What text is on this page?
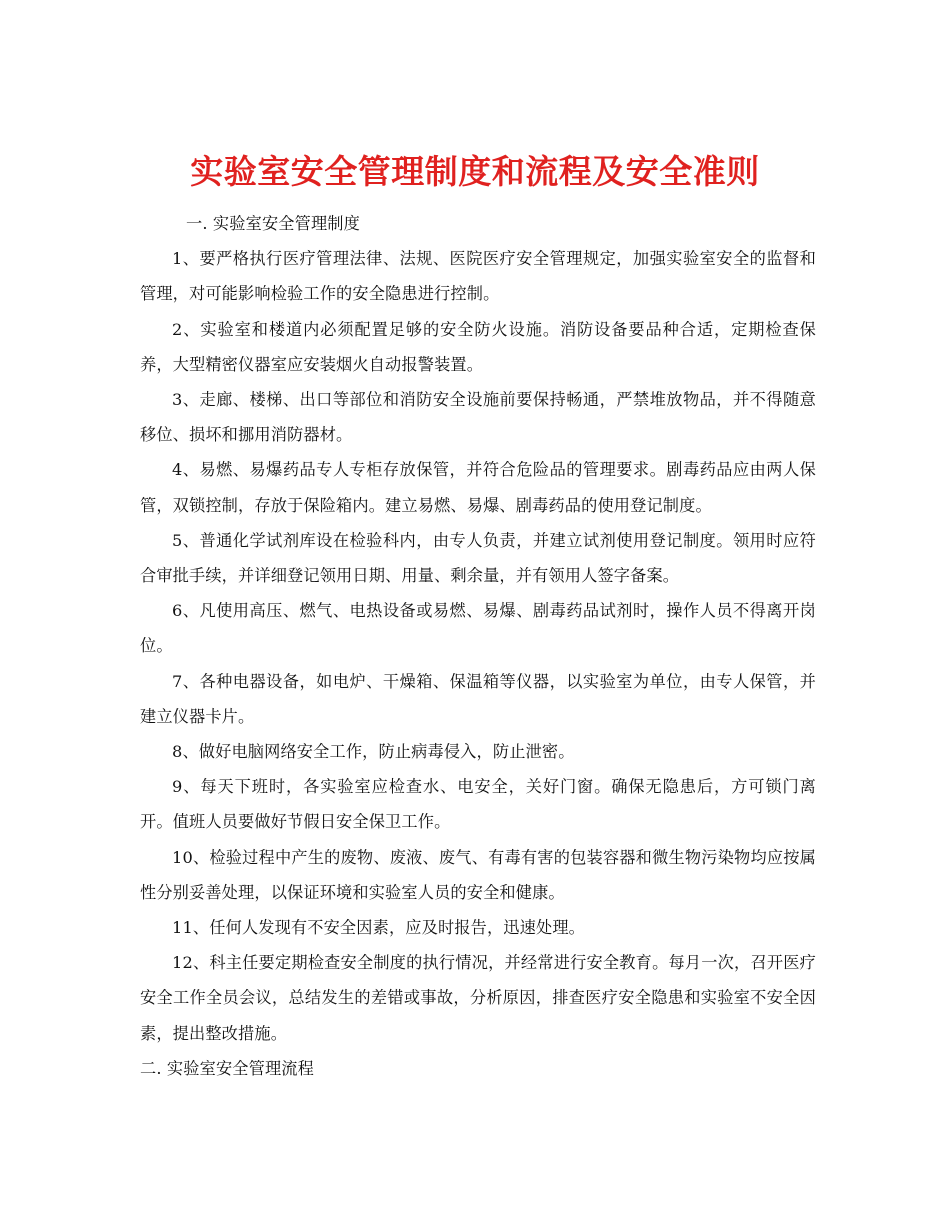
实验室安全管理制度和流程及安全准则

一. 实验室安全管理制度

1、要严格执行医疗管理法律、法规、医院医疗安全管理规定，加强实验室安全的监督和管理，对可能影响检验工作的安全隐患进行控制。

2、实验室和楼道内必须配置足够的安全防火设施。消防设备要品种合适，定期检查保养，大型精密仪器室应安装烟火自动报警装置。

3、走廊、楼梯、出口等部位和消防安全设施前要保持畅通，严禁堆放物品，并不得随意移位、损坏和挪用消防器材。

4、易燃、易爆药品专人专柜存放保管，并符合危险品的管理要求。剧毒药品应由两人保管，双锁控制，存放于保险箱内。建立易燃、易爆、剧毒药品的使用登记制度。

5、普通化学试剂库设在检验科内，由专人负责，并建立试剂使用登记制度。领用时应符合审批手续，并详细登记领用日期、用量、剩余量，并有领用人签字备案。

6、凡使用高压、燃气、电热设备或易燃、易爆、剧毒药品试剂时，操作人员不得离开岗位。

7、各种电器设备，如电炉、干燥箱、保温箱等仪器，以实验室为单位，由专人保管，并建立仪器卡片。

8、做好电脑网络安全工作，防止病毒侵入，防止泄密。

9、每天下班时，各实验室应检查水、电安全，关好门窗。确保无隐患后，方可锁门离开。值班人员要做好节假日安全保卫工作。

10、检验过程中产生的废物、废液、废气、有毒有害的包装容器和微生物污染物均应按属性分别妥善处理，以保证环境和实验室人员的安全和健康。

11、任何人发现有不安全因素，应及时报告，迅速处理。

12、科主任要定期检查安全制度的执行情况，并经常进行安全教育。每月一次，召开医疗安全工作全员会议，总结发生的差错或事故，分析原因，排查医疗安全隐患和实验室不安全因素，提出整改措施。

二. 实验室安全管理流程
